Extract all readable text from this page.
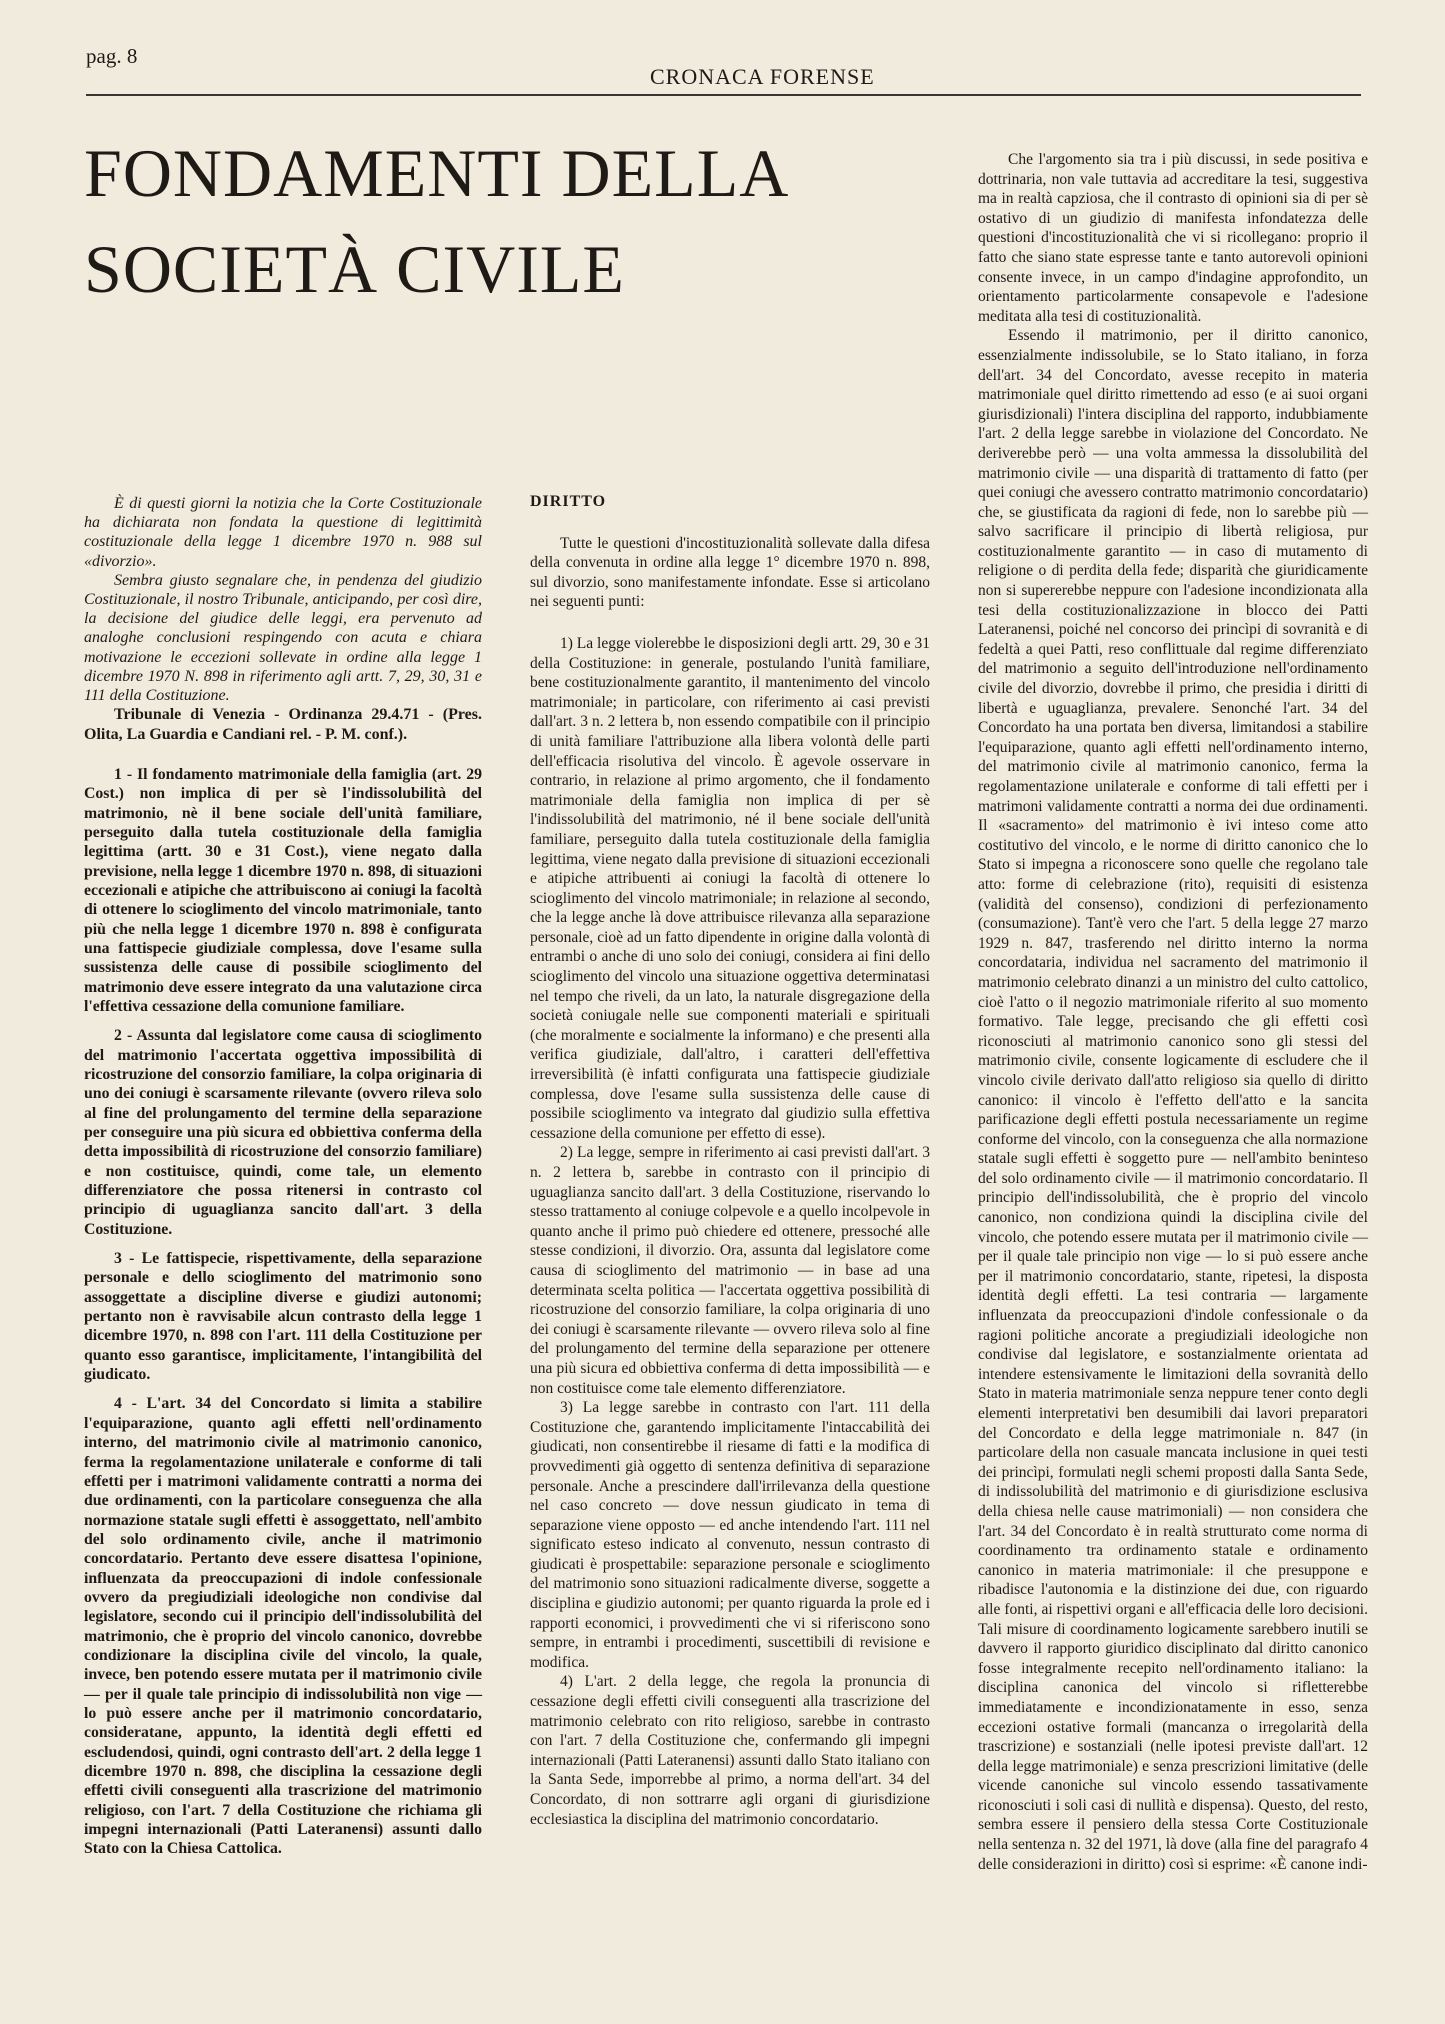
pag. 8
CRONACA FORENSE
FONDAMENTI DELLA SOCIETÀ CIVILE

È di questi giorni la notizia che la Corte Costituzionale ha dichiarata non fondata la questione di legittimità costituzionale della legge 1 dicembre 1970 n. 988 sul «divorzio».

Sembra giusto segnalare che, in pendenza del giudizio Costituzionale, il nostro Tribunale, anticipando, per così dire, la decisione del giudice delle leggi, era pervenuto ad analoghe conclusioni respingendo con acuta e chiara motivazione le eccezioni sollevate in ordine alla legge 1 dicembre 1970 N. 898 in riferimento agli artt. 7, 29, 30, 31 e 111 della Costituzione.

Tribunale di Venezia - Ordinanza 29.4.71 - (Pres. Olita, La Guardia e Candiani rel. - P. M. conf.).

1 - Il fondamento matrimoniale della famiglia (art. 29 Cost.) non implica di per sè l'indissolubilità del matrimonio, nè il bene sociale dell'unità familiare, perseguito dalla tutela costituzionale della famiglia legittima (artt. 30 e 31 Cost.), viene negato dalla previsione, nella legge 1 dicembre 1970 n. 898, di situazioni eccezionali e atipiche che attribuiscono ai coniugi la facoltà di ottenere lo scioglimento del vincolo matrimoniale, tanto più che nella legge 1 dicembre 1970 n. 898 è configurata una fattispecie giudiziale complessa, dove l'esame sulla sussistenza delle cause di possibile scioglimento del matrimonio deve essere integrato da una valutazione circa l'effettiva cessazione della comunione familiare.

2 - Assunta dal legislatore come causa di scioglimento del matrimonio l'accertata oggettiva impossibilità di ricostruzione del consorzio familiare, la colpa originaria di uno dei coniugi è scarsamente rilevante (ovvero rileva solo al fine del prolungamento del termine della separazione per conseguire una più sicura ed obbiettiva conferma della detta impossibilità di ricostruzione del consorzio familiare) e non costituisce, quindi, come tale, un elemento differenziatore che possa ritenersi in contrasto col principio di uguaglianza sancito dall'art. 3 della Costituzione.

3 - Le fattispecie, rispettivamente, della separazione personale e dello scioglimento del matrimonio sono assoggettate a discipline diverse e giudizi autonomi; pertanto non è ravvisabile alcun contrasto della legge 1 dicembre 1970, n. 898 con l'art. 111 della Costituzione per quanto esso garantisce, implicitamente, l'intangibilità del giudicato.

4 - L'art. 34 del Concordato si limita a stabilire l'equiparazione, quanto agli effetti nell'ordinamento interno, del matrimonio civile al matrimonio canonico, ferma la regolamentazione unilaterale e conforme di tali effetti per i matrimoni validamente contratti a norma dei due ordinamenti, con la particolare conseguenza che alla normazione statale sugli effetti è assoggettato, nell'ambito del solo ordinamento civile, anche il matrimonio concordatario. Pertanto deve essere disattesa l'opinione, influenzata da preoccupazioni di indole confessionale ovvero da pregiudiziali ideologiche non condivise dal legislatore, secondo cui il principio dell'indissolubilità del matrimonio, che è proprio del vincolo canonico, dovrebbe condizionare la disciplina civile del vincolo, la quale, invece, ben potendo essere mutata per il matrimonio civile — per il quale tale principio di indissolubilità non vige — lo può essere anche per il matrimonio concordatario, consideratane, appunto, la identità degli effetti ed escludendosi, quindi, ogni contrasto dell'art. 2 della legge 1 dicembre 1970 n. 898, che disciplina la cessazione degli effetti civili conseguenti alla trascrizione del matrimonio religioso, con l'art. 7 della Costituzione che richiama gli impegni internazionali (Patti Lateranensi) assunti dallo Stato con la Chiesa Cattolica.

DIRITTO

Tutte le questioni d'incostituzionalità sollevate dalla difesa della convenuta in ordine alla legge 1° dicembre 1970 n. 898, sul divorzio, sono manifestamente infondate. Esse si articolano nei seguenti punti:

1) La legge violerebbe le disposizioni degli artt. 29, 30 e 31 della Costituzione: in generale, postulando l'unità familiare, bene costituzionalmente garantito, il mantenimento del vincolo matrimoniale; in particolare, con riferimento ai casi previsti dall'art. 3 n. 2 lettera b, non essendo compatibile con il principio di unità familiare l'attribuzione alla libera volontà delle parti dell'efficacia risolutiva del vincolo. È agevole osservare in contrario, in relazione al primo argomento, che il fondamento matrimoniale della famiglia non implica di per sè l'indissolubilità del matrimonio, né il bene sociale dell'unità familiare, perseguito dalla tutela costituzionale della famiglia legittima, viene negato dalla previsione di situazioni eccezionali e atipiche attribuenti ai coniugi la facoltà di ottenere lo scioglimento del vincolo matrimoniale; in relazione al secondo, che la legge anche là dove attribuisce rilevanza alla separazione personale, cioè ad un fatto dipendente in origine dalla volontà di entrambi o anche di uno solo dei coniugi, considera ai fini dello scioglimento del vincolo una situazione oggettiva determinatasi nel tempo che riveli, da un lato, la naturale disgregazione della società coniugale nelle sue componenti materiali e spirituali (che moralmente e socialmente la informano) e che presenti alla verifica giudiziale, dall'altro, i caratteri dell'effettiva irreversibilità (è infatti configurata una fattispecie giudiziale complessa, dove l'esame sulla sussistenza delle cause di possibile scioglimento va integrato dal giudizio sulla effettiva cessazione della comunione per effetto di esse).

2) La legge, sempre in riferimento ai casi previsti dall'art. 3 n. 2 lettera b, sarebbe in contrasto con il principio di uguaglianza sancito dall'art. 3 della Costituzione, riservando lo stesso trattamento al coniuge colpevole e a quello incolpevole in quanto anche il primo può chiedere ed ottenere, pressoché alle stesse condizioni, il divorzio. Ora, assunta dal legislatore come causa di scioglimento del matrimonio — in base ad una determinata scelta politica — l'accertata oggettiva possibilità di ricostruzione del consorzio familiare, la colpa originaria di uno dei coniugi è scarsamente rilevante — ovvero rileva solo al fine del prolungamento del termine della separazione per ottenere una più sicura ed obbiettiva conferma di detta impossibilità — e non costituisce come tale elemento differenziatore.

3) La legge sarebbe in contrasto con l'art. 111 della Costituzione che, garantendo implicitamente l'intaccabilità dei giudicati, non consentirebbe il riesame di fatti e la modifica di provvedimenti già oggetto di sentenza definitiva di separazione personale. Anche a prescindere dall'irrilevanza della questione nel caso concreto — dove nessun giudicato in tema di separazione viene opposto — ed anche intendendo l'art. 111 nel significato esteso indicato al convenuto, nessun contrasto di giudicati è prospettabile: separazione personale e scioglimento del matrimonio sono situazioni radicalmente diverse, soggette a disciplina e giudizio autonomi; per quanto riguarda la prole ed i rapporti economici, i provvedimenti che vi si riferiscono sono sempre, in entrambi i procedimenti, suscettibili di revisione e modifica.

4) L'art. 2 della legge, che regola la pronuncia di cessazione degli effetti civili conseguenti alla trascrizione del matrimonio celebrato con rito religioso, sarebbe in contrasto con l'art. 7 della Costituzione che, confermando gli impegni internazionali (Patti Lateranensi) assunti dallo Stato italiano con la Santa Sede, imporrebbe al primo, a norma dell'art. 34 del Concordato, di non sottrarre agli organi di giurisdizione ecclesiastica la disciplina del matrimonio concordatario.

Che l'argomento sia tra i più discussi, in sede positiva e dottrinaria, non vale tuttavia ad accreditare la tesi, suggestiva ma in realtà capziosa, che il contrasto di opinioni sia di per sè ostativo di un giudizio di manifesta infondatezza delle questioni d'incostituzionalità che vi si ricollegano: proprio il fatto che siano state espresse tante e tanto autorevoli opinioni consente invece, in un campo d'indagine approfondito, un orientamento particolarmente consapevole e l'adesione meditata alla tesi di costituzionalità.

Essendo il matrimonio, per il diritto canonico, essenzialmente indissolubile, se lo Stato italiano, in forza dell'art. 34 del Concordato, avesse recepito in materia matrimoniale quel diritto rimettendo ad esso (e ai suoi organi giurisdizionali) l'intera disciplina del rapporto, indubbiamente l'art. 2 della legge sarebbe in violazione del Concordato. Ne deriverebbe però — una volta ammessa la dissolubilità del matrimonio civile — una disparità di trattamento di fatto (per quei coniugi che avessero contratto matrimonio concordatario) che, se giustificata da ragioni di fede, non lo sarebbe più — salvo sacrificare il principio di libertà religiosa, pur costituzionalmente garantito — in caso di mutamento di religione o di perdita della fede; disparità che giuridicamente non si supererebbe neppure con l'adesione incondizionata alla tesi della costituzionalizzazione in blocco dei Patti Lateranensi, poiché nel concorso dei princìpi di sovranità e di fedeltà a quei Patti, reso conflittuale dal regime differenziato del matrimonio a seguito dell'introduzione nell'ordinamento civile del divorzio, dovrebbe il primo, che presidia i diritti di libertà e uguaglianza, prevalere. Senonché l'art. 34 del Concordato ha una portata ben diversa, limitandosi a stabilire l'equiparazione, quanto agli effetti nell'ordinamento interno, del matrimonio civile al matrimonio canonico, ferma la regolamentazione unilaterale e conforme di tali effetti per i matrimoni validamente contratti a norma dei due ordinamenti. Il «sacramento» del matrimonio è ivi inteso come atto costitutivo del vincolo, e le norme di diritto canonico che lo Stato si impegna a riconoscere sono quelle che regolano tale atto: forme di celebrazione (rito), requisiti di esistenza (validità del consenso), condizioni di perfezionamento (consumazione). Tant'è vero che l'art. 5 della legge 27 marzo 1929 n. 847, trasferendo nel diritto interno la norma concordataria, individua nel sacramento del matrimonio il matrimonio celebrato dinanzi a un ministro del culto cattolico, cioè l'atto o il negozio matrimoniale riferito al suo momento formativo. Tale legge, precisando che gli effetti così riconosciuti al matrimonio canonico sono gli stessi del matrimonio civile, consente logicamente di escludere che il vincolo civile derivato dall'atto religioso sia quello di diritto canonico: il vincolo è l'effetto dell'atto e la sancita parificazione degli effetti postula necessariamente un regime conforme del vincolo, con la conseguenza che alla normazione statale sugli effetti è soggetto pure — nell'ambito beninteso del solo ordinamento civile — il matrimonio concordatario. Il principio dell'indissolubilità, che è proprio del vincolo canonico, non condiziona quindi la disciplina civile del vincolo, che potendo essere mutata per il matrimonio civile — per il quale tale principio non vige — lo si può essere anche per il matrimonio concordatario, stante, ripetesi, la disposta identità degli effetti. La tesi contraria — largamente influenzata da preoccupazioni d'indole confessionale o da ragioni politiche ancorate a pregiudiziali ideologiche non condivise dal legislatore, e sostanzialmente orientata ad intendere estensivamente le limitazioni della sovranità dello Stato in materia matrimoniale senza neppure tener conto degli elementi interpretativi ben desumibili dai lavori preparatori del Concordato e della legge matrimoniale n. 847 (in particolare della non casuale mancata inclusione in quei testi dei princìpi, formulati negli schemi proposti dalla Santa Sede, di indissolubilità del matrimonio e di giurisdizione esclusiva della chiesa nelle cause matrimoniali) — non considera che l'art. 34 del Concordato è in realtà strutturato come norma di coordinamento tra ordinamento statale e ordinamento canonico in materia matrimoniale: il che presuppone e ribadisce l'autonomia e la distinzione dei due, con riguardo alle fonti, ai rispettivi organi e all'efficacia delle loro decisioni. Tali misure di coordinamento logicamente sarebbero inutili se davvero il rapporto giuridico disciplinato dal diritto canonico fosse integralmente recepito nell'ordinamento italiano: la disciplina canonica del vincolo si rifletterebbe immediatamente e incondizionatamente in esso, senza eccezioni ostative formali (mancanza o irregolarità della trascrizione) e sostanziali (nelle ipotesi previste dall'art. 12 della legge matrimoniale) e senza prescrizioni limitative (delle vicende canoniche sul vincolo essendo tassativamente riconosciuti i soli casi di nullità e dispensa). Questo, del resto, sembra essere il pensiero della stessa Corte Costituzionale nella sentenza n. 32 del 1971, là dove (alla fine del paragrafo 4 delle considerazioni in diritto) così si esprime: «È canone indi-
